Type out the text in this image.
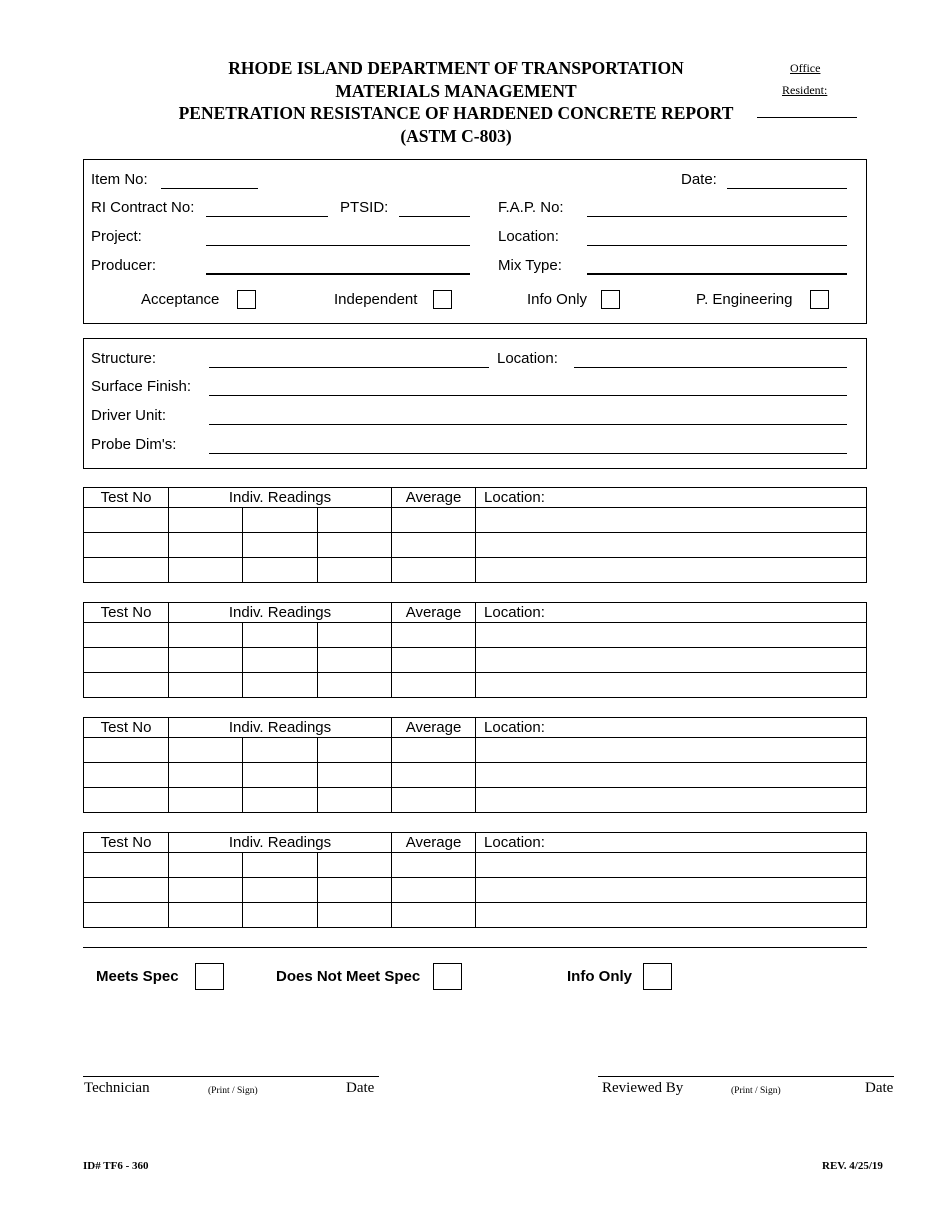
RHODE ISLAND DEPARTMENT OF TRANSPORTATION
MATERIALS MANAGEMENT
PENETRATION RESISTANCE OF HARDENED CONCRETE REPORT
(ASTM C-803)
Office
Resident:
Item No:	Date:
RI Contract No:	PTSID:	F.A.P. No:
Project:	Location:
Producer:	Mix Type:
Acceptance	Independent	Info Only	P. Engineering
Structure:	Location:
Surface Finish:
Driver Unit:
Probe Dim's:
Test No	Indiv. Readings			Average	Location:

Test No	Indiv. Readings			Average	Location:

Test No	Indiv. Readings			Average	Location:

Test No	Indiv. Readings			Average	Location:

Meets Spec	Does Not Meet Spec	Info Only
Technician	(Print / Sign)	Date	Reviewed By	(Print / Sign)	Date
ID# TF6 - 360	REV. 4/25/19
